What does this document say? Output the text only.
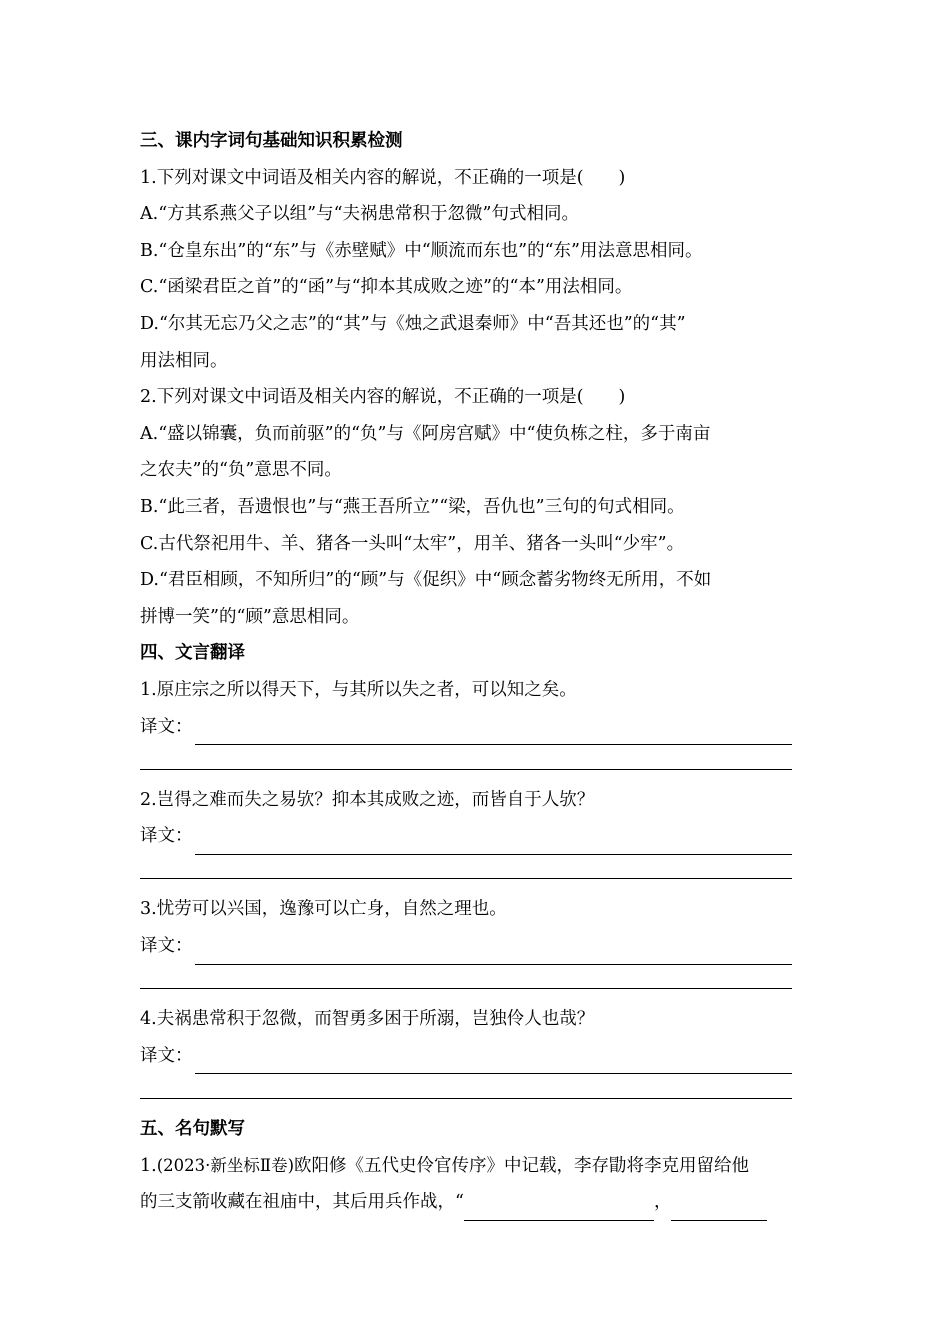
三、课内字词句基础知识积累检测
1.下列对课文中词语及相关内容的解说，不正确的一项是(　　)
A.“方其系燕父子以组”与“夫祸患常积于忽微”句式相同。
B.“仓皇东出”的“东”与《赤壁赋》中“顺流而东也”的“东”用法意思相同。
C.“函梁君臣之首”的“函”与“抑本其成败之迹”的“本”用法相同。
D.“尔其无忘乃父之志”的“其”与《烛之武退秦师》中“吾其还也”的“其”
用法相同。
2.下列对课文中词语及相关内容的解说，不正确的一项是(　　)
A.“盛以锦囊，负而前驱”的“负”与《阿房宫赋》中“使负栋之柱，多于南亩
之农夫”的“负”意思不同。
B.“此三者，吾遗恨也”与“燕王吾所立”“梁，吾仇也”三句的句式相同。
C.古代祭祀用牛、羊、猪各一头叫“太牢”，用羊、猪各一头叫“少牢”。
D.“君臣相顾，不知所归”的“顾”与《促织》中“顾念蓄劣物终无所用，不如
拼博一笑”的“顾”意思相同。
四、文言翻译
1.原庄宗之所以得天下，与其所以失之者，可以知之矣。
译文：
2.岂得之难而失之易欤？抑本其成败之迹，而皆自于人欤？
译文：
3.忧劳可以兴国，逸豫可以亡身，自然之理也。
译文：
4.夫祸患常积于忽微，而智勇多困于所溺，岂独伶人也哉？
译文：
五、名句默写
1.(2023·新坐标Ⅱ卷)欧阳修《五代史伶官传序》中记载，李存勖将李克用留给他
的三支箭收藏在祖庙中，其后用兵作战，“	，
